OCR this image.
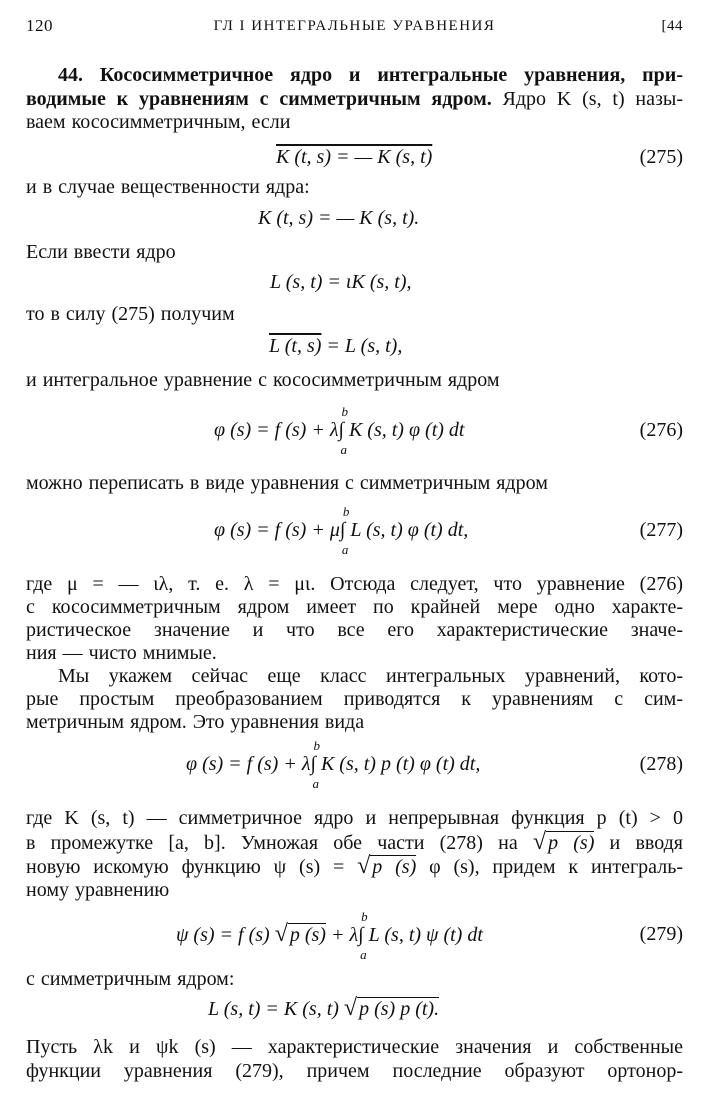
120	ГЛ I ИНТЕГРАЛЬНЫЕ УРАВНЕНИЯ	[44
44. Кососимметричное ядро и интегральные уравнения, при-
водимые к уравнениям с симметричным ядром. Ядро K (s, t) назы-
ваем кососимметричным, если
K (t, s) = — K (s, t)	(275)
и в случае вещественности ядра:
K (t, s) = — K (s, t).
Если ввести ядро
L (s, t) = ιK (s, t),
то в силу (275) получим
L (t, s) = L (s, t),
и интегральное уравнение с кососимметричным ядром
φ (s) = f (s) + λ∫
b
a
K (s, t) φ (t) dt	(276)
можно переписать в виде уравнения с симметричным ядром
φ (s) = f (s) + μ∫
b
a
L (s, t) φ (t) dt,	(277)
где μ = — ιλ, т. е. λ = μι. Отсюда следует, что уравнение (276)
с кососимметричным ядром имеет по крайней мере одно характе-
ристическое значение и что все его характеристические значе-
ния — чисто мнимые.
Мы укажем сейчас еще класс интегральных уравнений, кото-
рые простым преобразованием приводятся к уравнениям с сим-
метричным ядром. Это уравнения вида
φ (s) = f (s) + λ∫
b
a
K (s, t) p (t) φ (t) dt,	(278)
где K (s, t) — симметричное ядро и непрерывная функция p (t) > 0
в промежутке [a, b]. Умножая обе части (278) на √ p (s) и вводя
новую искомую функцию ψ (s) = √ p (s) φ (s), придем к интеграль-
ному уравнению
ψ (s) = f (s) √ p (s) + λ∫
b
a
L (s, t) ψ (t) dt	(279)
с симметричным ядром:
L (s, t) = K (s, t) √ p (s) p (t).
Пусть λk и ψk (s) — характеристические значения и собственные
функции уравнения (279), причем последние образуют ортонор-
